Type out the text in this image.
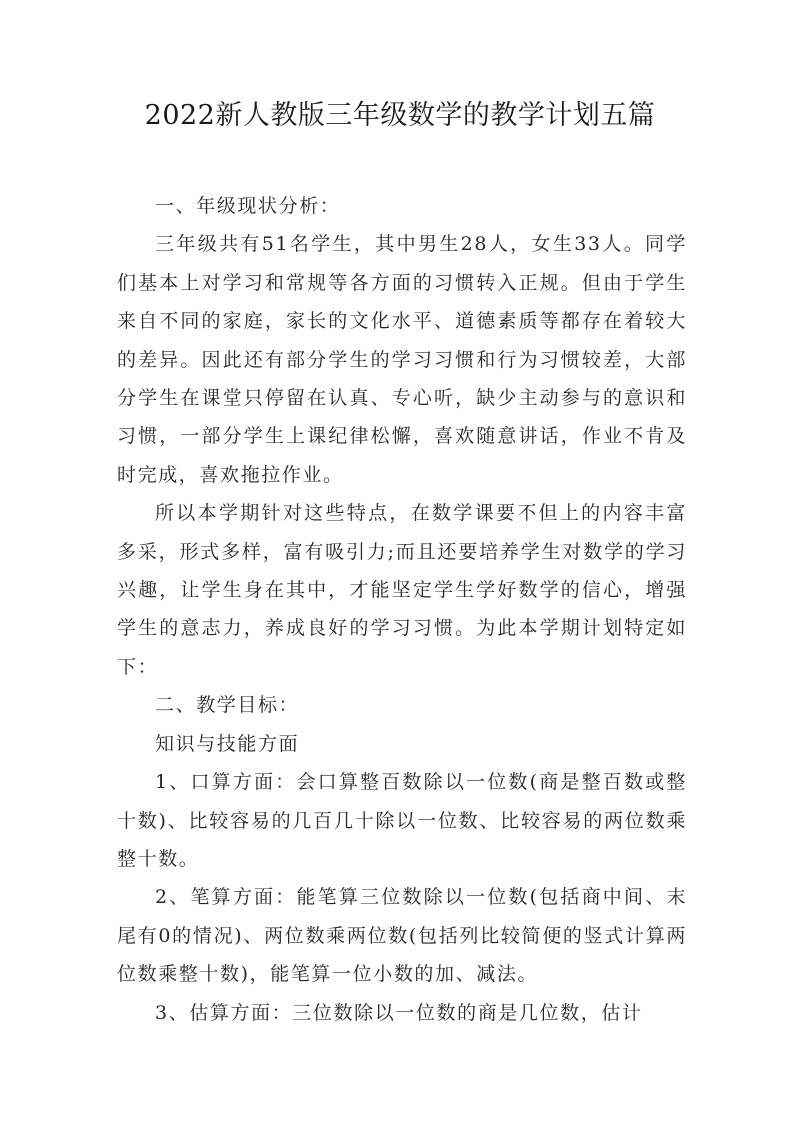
2022新人教版三年级数学的教学计划五篇

一、年级现状分析：

三年级共有51名学生，其中男生28人，女生33人。同学们基本上对学习和常规等各方面的习惯转入正规。但由于学生来自不同的家庭，家长的文化水平、道德素质等都存在着较大的差异。因此还有部分学生的学习习惯和行为习惯较差，大部分学生在课堂只停留在认真、专心听，缺少主动参与的意识和习惯，一部分学生上课纪律松懈，喜欢随意讲话，作业不肯及时完成，喜欢拖拉作业。

所以本学期针对这些特点，在数学课要不但上的内容丰富多采，形式多样，富有吸引力;而且还要培养学生对数学的学习兴趣，让学生身在其中，才能坚定学生学好数学的信心，增强学生的意志力，养成良好的学习习惯。为此本学期计划特定如下：

二、教学目标：

知识与技能方面

1、口算方面：会口算整百数除以一位数(商是整百数或整十数)、比较容易的几百几十除以一位数、比较容易的两位数乘整十数。

2、笔算方面：能笔算三位数除以一位数(包括商中间、末尾有0的情况)、两位数乘两位数(包括列比较简便的竖式计算两位数乘整十数)，能笔算一位小数的加、减法。

3、估算方面：三位数除以一位数的商是几位数，估计
